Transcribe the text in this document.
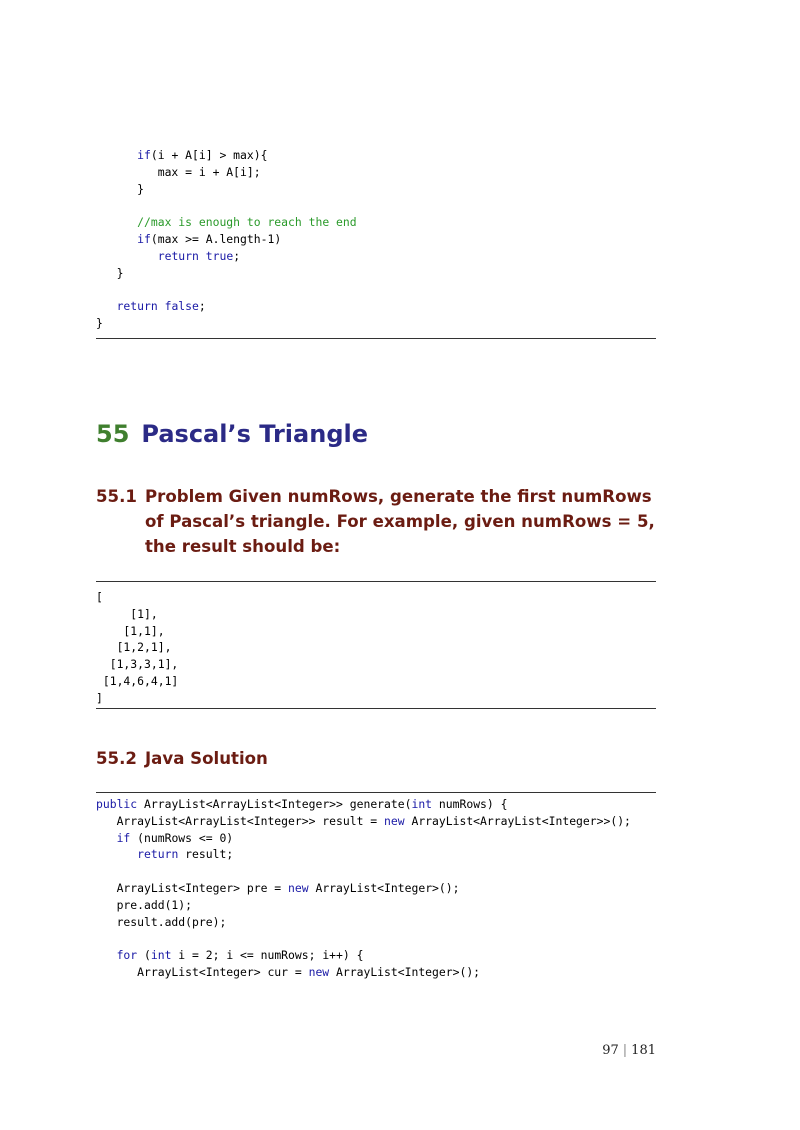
if(i + A[i] > max){
max = i + A[i];
}
//max is enough to reach the end
if(max >= A.length-1)
return true;
}
return false;
}
55 Pascal’s Triangle
55.1 Problem Given numRows, generate the first numRows of Pascal’s triangle. For example, given numRows = 5, the result should be:
[
[1],
[1,1],
[1,2,1],
[1,3,3,1],
[1,4,6,4,1]
]
55.2 Java Solution
public ArrayList<ArrayList<Integer>> generate(int numRows) {
ArrayList<ArrayList<Integer>> result = new ArrayList<ArrayList<Integer>>();
if (numRows <= 0)
return result;
ArrayList<Integer> pre = new ArrayList<Integer>();
pre.add(1);
result.add(pre);
for (int i = 2; i <= numRows; i++) {
ArrayList<Integer> cur = new ArrayList<Integer>();
97 | 181
